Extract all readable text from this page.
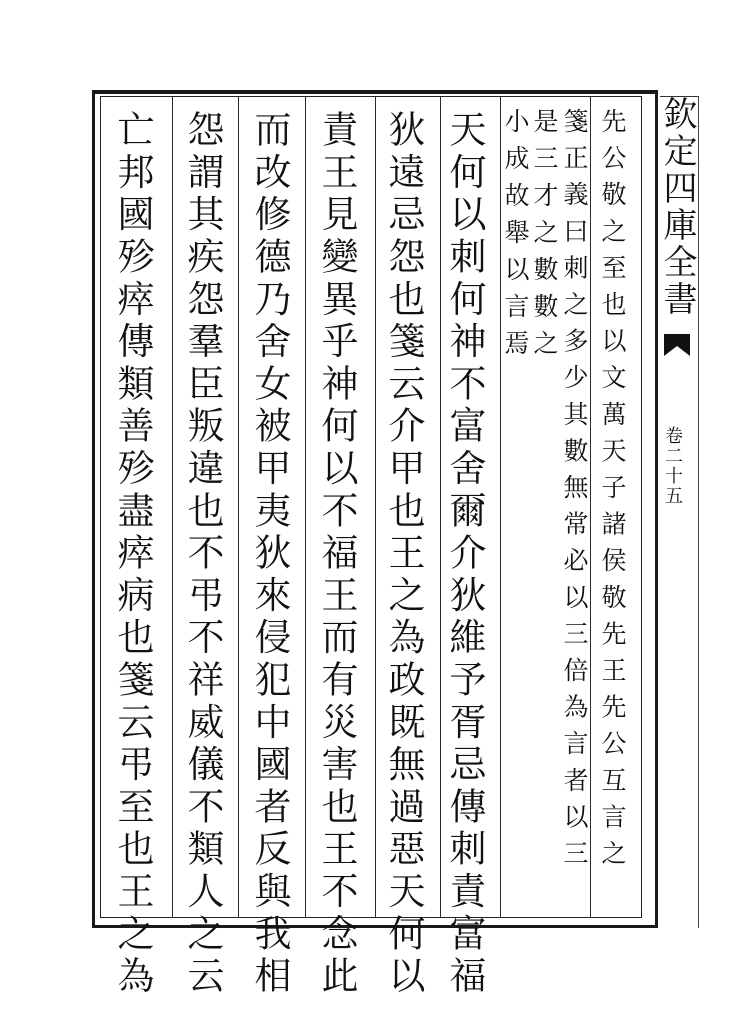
欽定四庫全書
卷二十五
先公敬之至也以文萬天子諸侯敬先王先公互言之
箋正義曰刺之多少其數無常必以三倍為言者以三
是三才之數數之
小成故舉以言焉
天何以刺何神不富舍爾介狄維予胥忌傳刺責富福
狄遠忌怨也箋云介甲也王之為政既無過惡天何以
責王見變異乎神何以不福王而有災害也王不念此
而改修德乃舍女被甲夷狄來侵犯中國者反與我相
怨謂其疾怨羣臣叛違也不弔不祥威儀不類人之云
亡邦國殄瘁傳類善殄盡瘁病也箋云弔至也王之為
